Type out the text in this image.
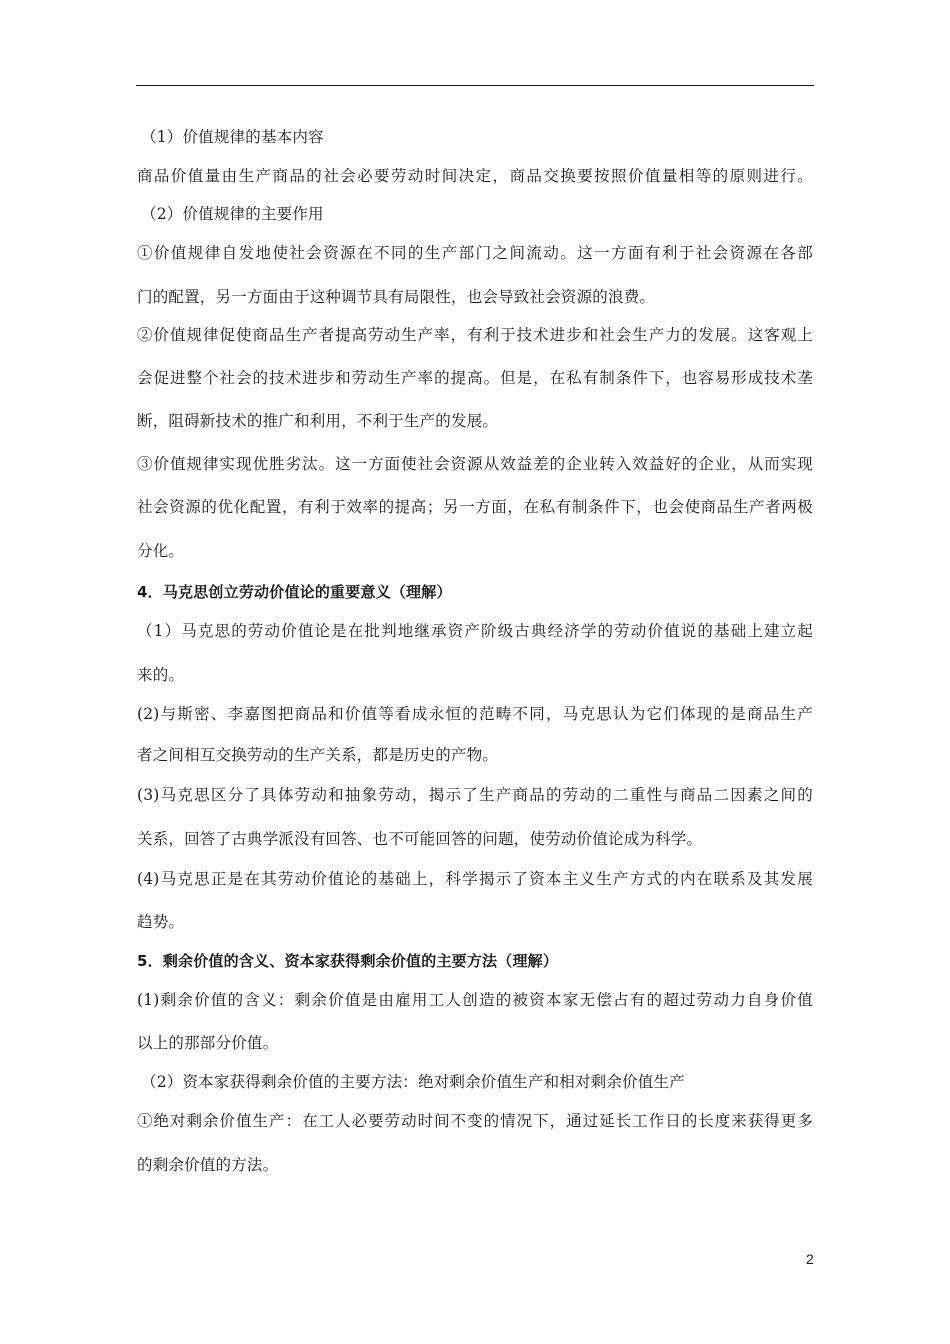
（1）价值规律的基本内容
商品价值量由生产商品的社会必要劳动时间决定，商品交换要按照价值量相等的原则进行。
（2）价值规律的主要作用
①价值规律自发地使社会资源在不同的生产部门之间流动。这一方面有利于社会资源在各部
门的配置，另一方面由于这种调节具有局限性，也会导致社会资源的浪费。
②价值规律促使商品生产者提高劳动生产率，有利于技术进步和社会生产力的发展。这客观上
会促进整个社会的技术进步和劳动生产率的提高。但是，在私有制条件下，也容易形成技术垄
断，阻碍新技术的推广和利用，不利于生产的发展。
③价值规律实现优胜劣汰。这一方面使社会资源从效益差的企业转入效益好的企业，从而实现
社会资源的优化配置，有利于效率的提高；另一方面，在私有制条件下，也会使商品生产者两极
分化。
4．马克思创立劳动价值论的重要意义（理解）
（1）马克思的劳动价值论是在批判地继承资产阶级古典经济学的劳动价值说的基础上建立起
来的。
(2)与斯密、李嘉图把商品和价值等看成永恒的范畴不同，马克思认为它们体现的是商品生产
者之间相互交换劳动的生产关系，都是历史的产物。
(3)马克思区分了具体劳动和抽象劳动，揭示了生产商品的劳动的二重性与商品二因素之间的
关系，回答了古典学派没有回答、也不可能回答的问题，使劳动价值论成为科学。
(4)马克思正是在其劳动价值论的基础上，科学揭示了资本主义生产方式的内在联系及其发展
趋势。
5．剩余价值的含义、资本家获得剩余价值的主要方法（理解）
(1)剩余价值的含义：剩余价值是由雇用工人创造的被资本家无偿占有的超过劳动力自身价值
以上的那部分价值。
（2）资本家获得剩余价值的主要方法：绝对剩余价值生产和相对剩余价值生产
①绝对剩余价值生产：在工人必要劳动时间不变的情况下，通过延长工作日的长度来获得更多
的剩余价值的方法。
2
